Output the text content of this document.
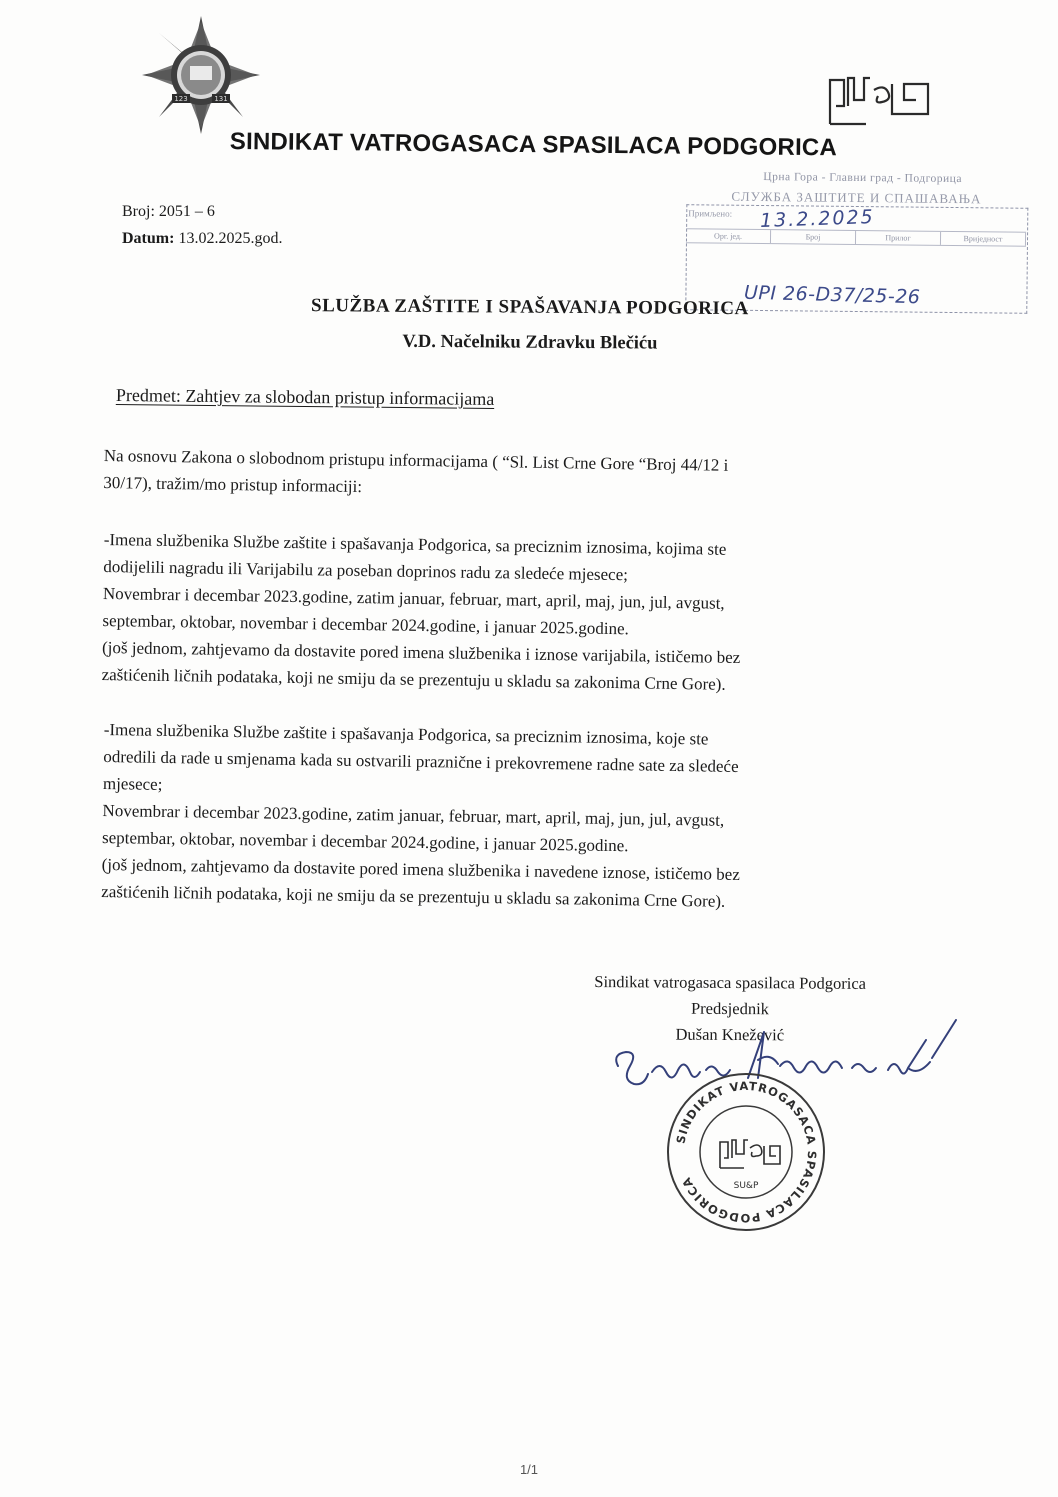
123	131
SINDIKAT VATROGASACA SPASILACA PODGORICA
Broj: 2051 – 6
Datum: 13.02.2025.god.
Црна Гора - Главни град - Подгорица
СЛУЖБА ЗАШТИТЕ И СПАШАВАЊА
Примљено:
Орг. јед.	Број	Прилог	Вриједност
13.2.2025
UPI 26-D37/25-26
SLUŽBA ZAŠTITE I SPAŠAVANJA PODGORICA
V.D. Načelniku Zdravku Blečiću
Predmet: Zahtjev za slobodan pristup informacijama
Na osnovu Zakona o slobodnom pristupu informacijama ( “Sl. List Crne Gore “Broj 44/12 i
30/17), tražim/mo pristup informaciji:
-Imena službenika Službe zaštite i spašavanja Podgorica, sa preciznim iznosima, kojima ste
dodijelili nagradu ili Varijabilu za poseban doprinos radu za sledeće mjesece;
Novembrar i decembar 2023.godine, zatim januar, februar, mart, april, maj, jun, jul, avgust,
septembar, oktobar, novembar i decembar 2024.godine, i januar 2025.godine.
(još jednom, zahtjevamo da dostavite pored imena službenika i iznose varijabila, ističemo bez
zaštićenih ličnih podataka, koji ne smiju da se prezentuju u skladu sa zakonima Crne Gore).
-Imena službenika Službe zaštite i spašavanja Podgorica, sa preciznim iznosima, koje ste
odredili da rade u smjenama kada su ostvarili praznične i prekovremene radne sate za sledeće
mjesece;
Novembrar i decembar 2023.godine, zatim januar, februar, mart, april, maj, jun, jul, avgust,
septembar, oktobar, novembar i decembar 2024.godine, i januar 2025.godine.
(još jednom, zahtjevamo da dostavite pored imena službenika i navedene iznose, ističemo bez
zaštićenih ličnih podataka, koji ne smiju da se prezentuju u skladu sa zakonima Crne Gore).
Sindikat vatrogasaca spasilaca Podgorica
Predsjednik
Dušan Knežević
SINDIKAT VATROGASACA SPASILACA PODGORICA	SU&P
1/1
